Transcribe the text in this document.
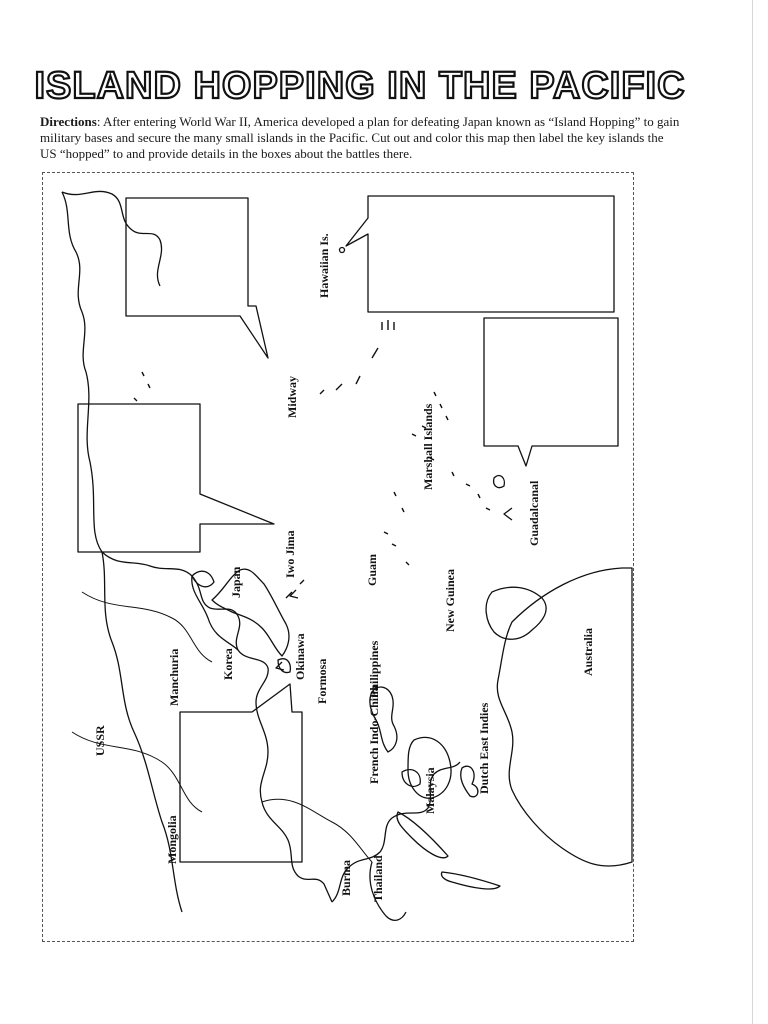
ISLAND HOPPING IN THE PACIFIC
Directions: After entering World War II, America developed a plan for defeating Japan known as “Island Hopping” to gain military bases and secure the many small islands in the Pacific. Cut out and color this map then label the key islands the US “hopped” to and provide details in the boxes about the battles there.
Hawaiian Is.
Midway
Marshall Islands
Guadalcanal
Iwo Jima
Japan	Guam	New Guinea
Australia
Korea	Okinawa
Manchuria	Formosa	Philippines
Dutch East Indies
USSR	French Indo-China
Malaysia
Mongolia
Burma Thailand
